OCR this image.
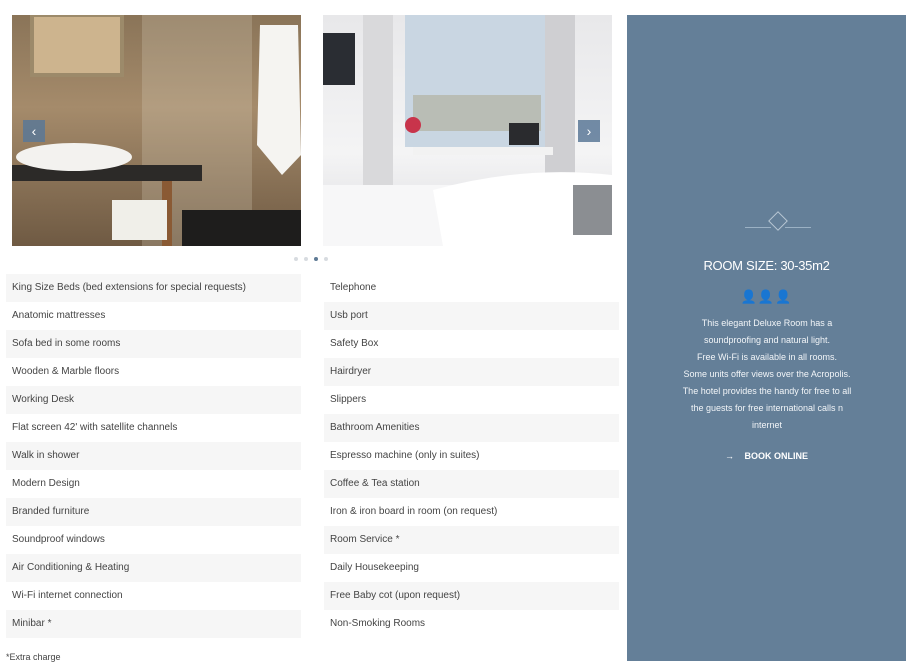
‹	›
King Size Beds (bed extensions for special requests)
Anatomic mattresses
Sofa bed in some rooms
Wooden & Marble floors
Working Desk
Flat screen 42' with satellite channels
Walk in shower
Modern Design
Branded furniture
Soundproof windows
Air Conditioning & Heating
Wi-Fi internet connection
Minibar *
Telephone
Usb port
Safety Box
Hairdryer
Slippers
Bathroom Amenities
Espresso machine (only in suites)
Coffee & Tea station
Iron & iron board in room (on request)
Room Service *
Daily Housekeeping
Free Baby cot (upon request)
Non-Smoking Rooms
*Extra charge
ROOM SIZE: 30-35m2
👤👤👤
This elegant Deluxe Room has a
soundproofing and natural light.
Free Wi-Fi is available in all rooms.
Some units offer views over the Acropolis.
The hotel provides the handy for free to all
the guests for free international calls n
internet
→ BOOK ONLINE
